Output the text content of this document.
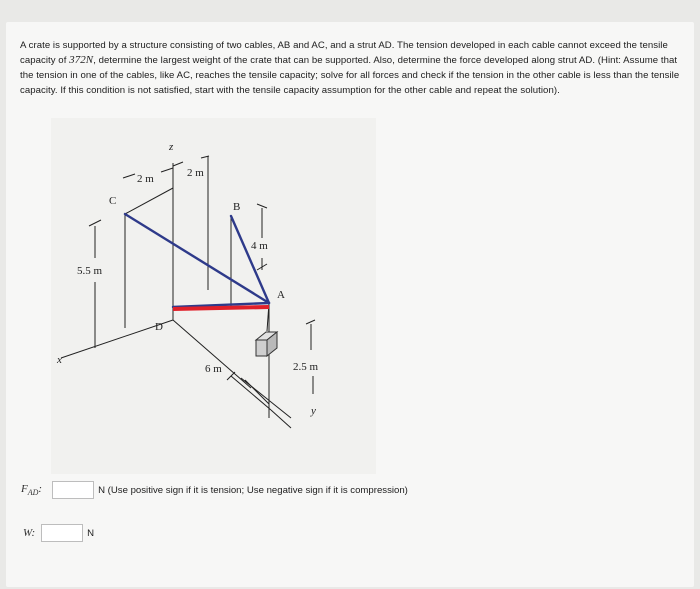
A crate is supported by a structure consisting of two cables, AB and AC, and a strut AD. The tension developed in each cable cannot exceed the tensile capacity of 372N, determine the largest weight of the crate that can be supported. Also, determine the force developed along strut AD. (Hint: Assume that the tension in one of the cables, like AC, reaches the tensile capacity; solve for all forces and check if the tension in the other cable is less than the tensile capacity. If this condition is not satisfied, start with the tensile capacity assumption for the other cable and repeat the solution).

z
x
y
A
B
C
D
2 m	2 m
4 m
5.5 m
6 m	2.5 m
$F_{AD}$:	N (Use positive sign if it is tension; Use negative sign if it is compression)
W:	N
